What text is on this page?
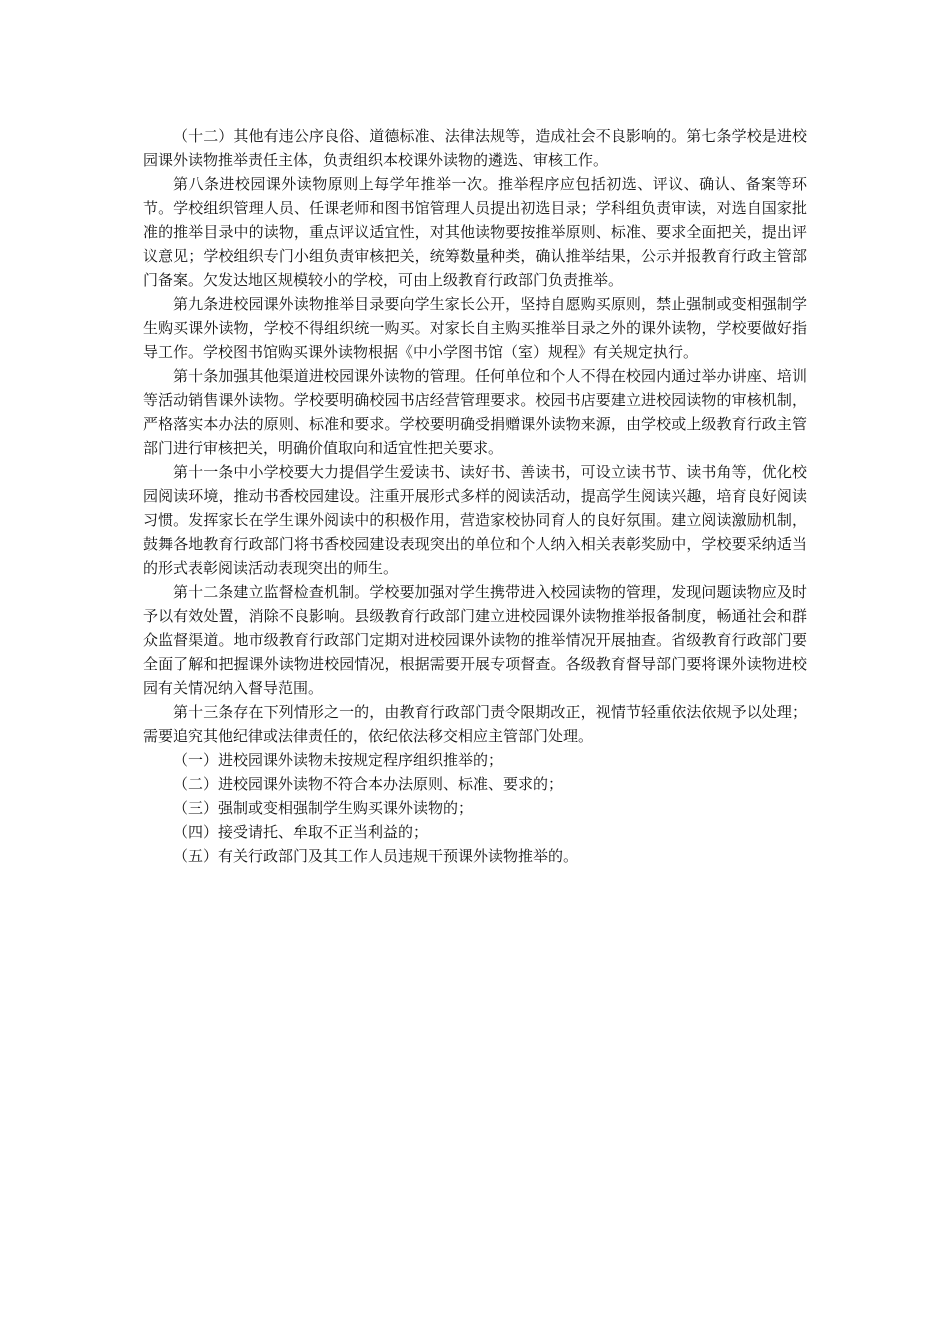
（十二）其他有违公序良俗、道德标准、法律法规等，造成社会不良影响的。第七条学校是进校园课外读物推举责任主体，负责组织本校课外读物的遴选、审核工作。

第八条进校园课外读物原则上每学年推举一次。推举程序应包括初选、评议、确认、备案等环节。学校组织管理人员、任课老师和图书馆管理人员提出初选目录；学科组负责审读，对选自国家批准的推举目录中的读物，重点评议适宜性，对其他读物要按推举原则、标准、要求全面把关，提出评议意见；学校组织专门小组负责审核把关，统筹数量种类，确认推举结果，公示并报教育行政主管部门备案。欠发达地区规模较小的学校，可由上级教育行政部门负责推举。

第九条进校园课外读物推举目录要向学生家长公开，坚持自愿购买原则，禁止强制或变相强制学生购买课外读物，学校不得组织统一购买。对家长自主购买推举目录之外的课外读物，学校要做好指导工作。学校图书馆购买课外读物根据《中小学图书馆（室）规程》有关规定执行。

第十条加强其他渠道进校园课外读物的管理。任何单位和个人不得在校园内通过举办讲座、培训等活动销售课外读物。学校要明确校园书店经营管理要求。校园书店要建立进校园读物的审核机制，严格落实本办法的原则、标准和要求。学校要明确受捐赠课外读物来源，由学校或上级教育行政主管部门进行审核把关，明确价值取向和适宜性把关要求。

第十一条中小学校要大力提倡学生爱读书、读好书、善读书，可设立读书节、读书角等，优化校园阅读环境，推动书香校园建设。注重开展形式多样的阅读活动，提高学生阅读兴趣，培育良好阅读习惯。发挥家长在学生课外阅读中的积极作用，营造家校协同育人的良好氛围。建立阅读激励机制，鼓舞各地教育行政部门将书香校园建设表现突出的单位和个人纳入相关表彰奖励中，学校要采纳适当的形式表彰阅读活动表现突出的师生。

第十二条建立监督检查机制。学校要加强对学生携带进入校园读物的管理，发现问题读物应及时予以有效处置，消除不良影响。县级教育行政部门建立进校园课外读物推举报备制度，畅通社会和群众监督渠道。地市级教育行政部门定期对进校园课外读物的推举情况开展抽查。省级教育行政部门要全面了解和把握课外读物进校园情况，根据需要开展专项督查。各级教育督导部门要将课外读物进校园有关情况纳入督导范围。

第十三条存在下列情形之一的，由教育行政部门责令限期改正，视情节轻重依法依规予以处理；需要追究其他纪律或法律责任的，依纪依法移交相应主管部门处理。

（一）进校园课外读物未按规定程序组织推举的；

（二）进校园课外读物不符合本办法原则、标准、要求的；

（三）强制或变相强制学生购买课外读物的；

（四）接受请托、牟取不正当利益的；

（五）有关行政部门及其工作人员违规干预课外读物推举的。
